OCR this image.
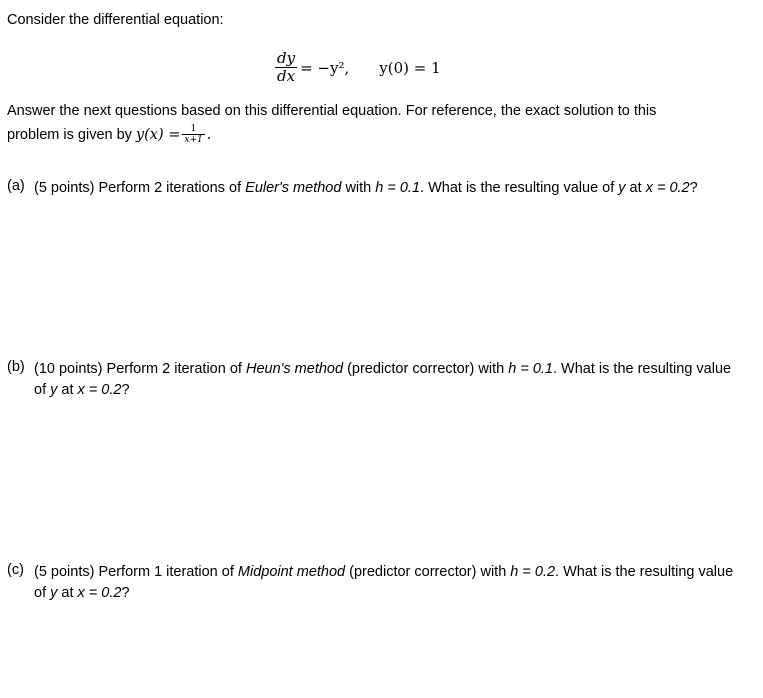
Consider the differential equation:
$\frac{dy}{dx} = -y^2$, y(0) = 1
Answer the next questions based on this differential equation. For reference, the exact solution to this
problem is given by $y(x) = \frac{1}{x+1}$ .
(a) (5 points) Perform 2 iterations of Euler's method with h = 0.1. What is the resulting value of y at x = 0.2?
(b) (10 points) Perform 2 iteration of Heun's method (predictor corrector) with h = 0.1. What is the resulting value of y at x = 0.2?
(c) (5 points) Perform 1 iteration of Midpoint method (predictor corrector) with h = 0.2. What is the resulting value of y at x = 0.2?
